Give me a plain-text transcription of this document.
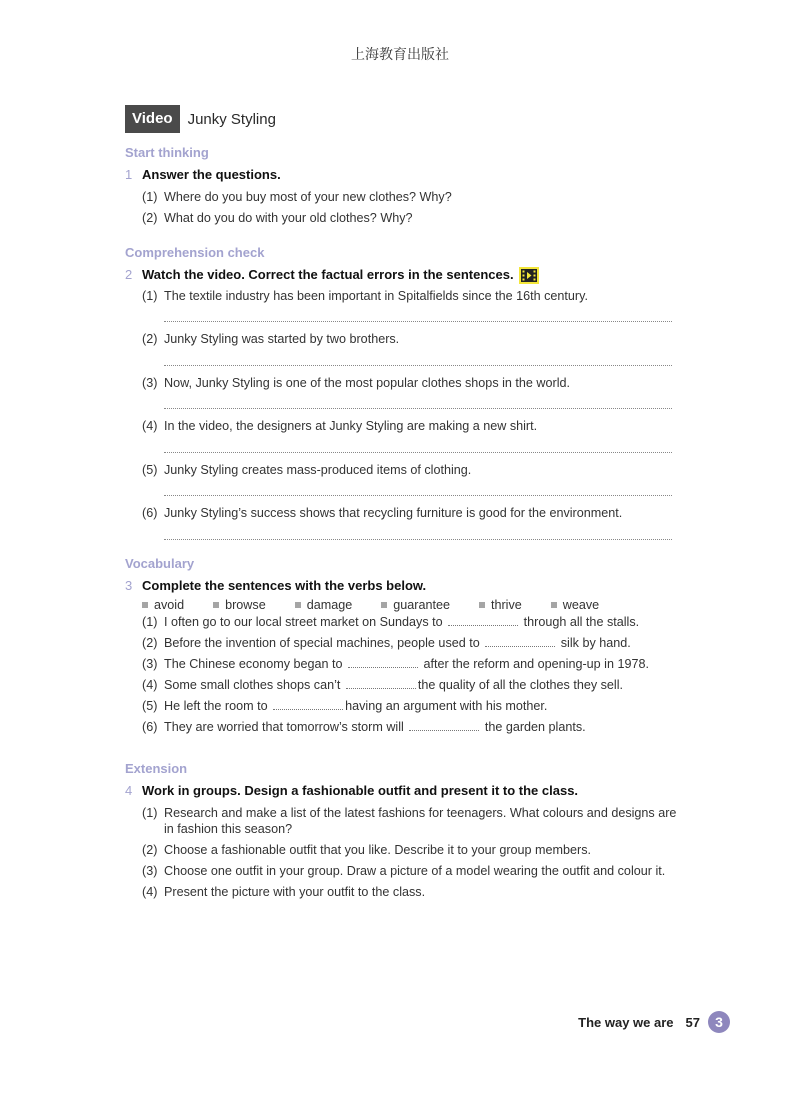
上海教育出版社
Video	Junky Styling
Start thinking
1 Answer the questions.
(1) Where do you buy most of your new clothes? Why?
(2) What do you do with your old clothes? Why?
Comprehension check
2 Watch the video. Correct the factual errors in the sentences.
(1) The textile industry has been important in Spitalfields since the 16th century.
(2) Junky Styling was started by two brothers.
(3) Now, Junky Styling is one of the most popular clothes shops in the world.
(4) In the video, the designers at Junky Styling are making a new shirt.
(5) Junky Styling creates mass-produced items of clothing.
(6) Junky Styling’s success shows that recycling furniture is good for the environment.
Vocabulary
3 Complete the sentences with the verbs below.
avoid	browse	damage	guarantee	thrive	weave
(1) I often go to our local street market on Sundays to	through all the stalls.
(2) Before the invention of special machines, people used to	silk by hand.
(3) The Chinese economy began to	after the reform and opening-up in 1978.
(4) Some small clothes shops can’t	the quality of all the clothes they sell.
(5) He left the room to	having an argument with his mother.
(6) They are worried that tomorrow’s storm will	the garden plants.
Extension
4 Work in groups. Design a fashionable outfit and present it to the class.
(1) Research and make a list of the latest fashions for teenagers. What colours and designs are in fashion this season?
(2) Choose a fashionable outfit that you like. Describe it to your group members.
(3) Choose one outfit in your group. Draw a picture of a model wearing the outfit and colour it.
(4) Present the picture with your outfit to the class.
The way we are 57	3
